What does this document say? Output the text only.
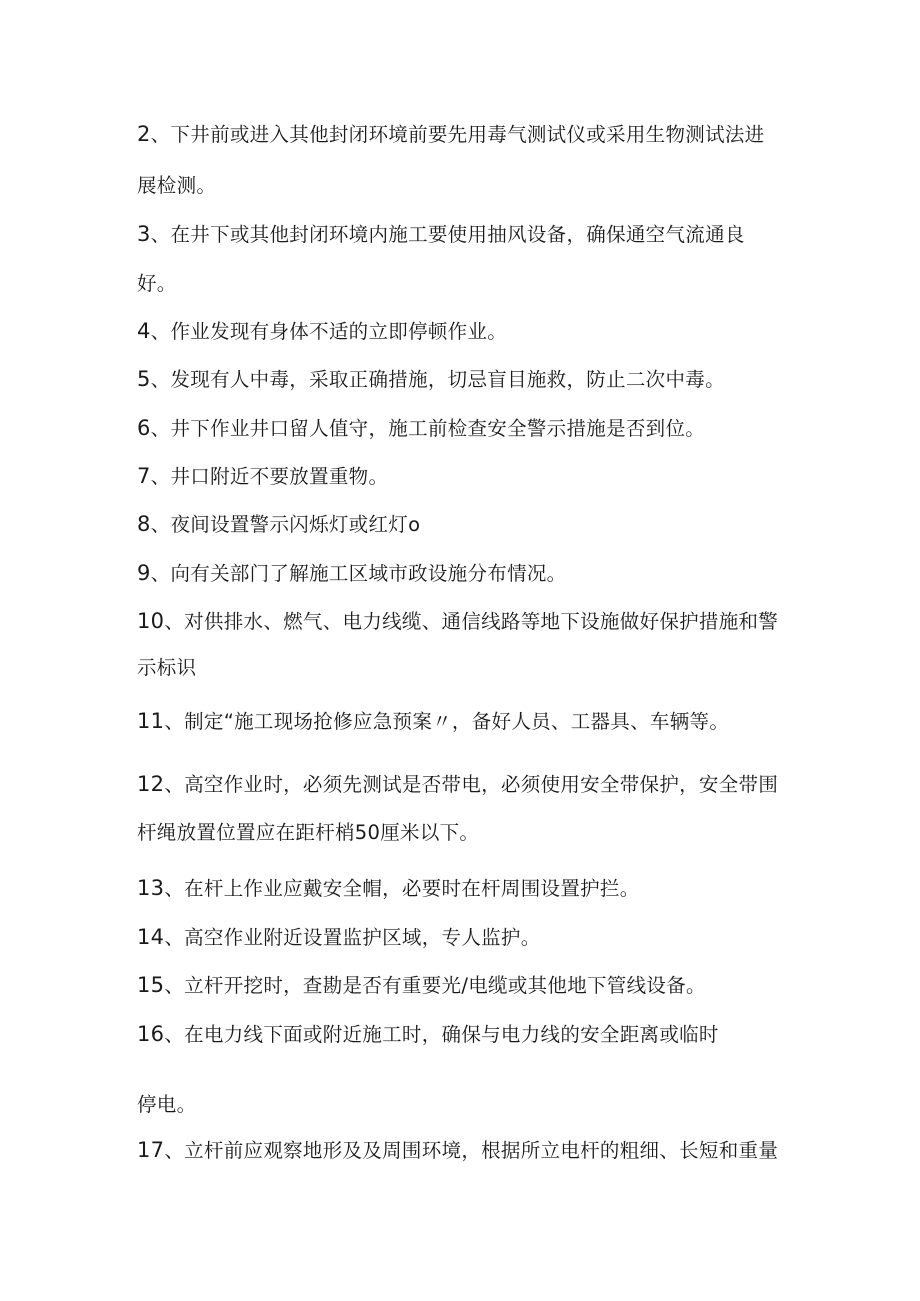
2、下井前或进入其他封闭环境前要先用毒气测试仪或采用生物测试法进
展检测。
3、在井下或其他封闭环境内施工要使用抽风设备，确保通空气流通良
好。
4、作业发现有身体不适的立即停顿作业。
5、发现有人中毒，采取正确措施，切忌盲目施救，防止二次中毒。
6、井下作业井口留人值守，施工前检查安全警示措施是否到位。
7、井口附近不要放置重物。
8、夜间设置警示闪烁灯或红灯o
9、向有关部门了解施工区域市政设施分布情况。
10、对供排水、燃气、电力线缆、通信线路等地下设施做好保护措施和警
示标识
11、制定“施工现场抢修应急预案〃，备好人员、工器具、车辆等。
12、高空作业时，必须先测试是否带电，必须使用安全带保护，安全带围
杆绳放置位置应在距杆梢50厘米以下。
13、在杆上作业应戴安全帽，必要时在杆周围设置护拦。
14、高空作业附近设置监护区域，专人监护。
15、立杆开挖时，查勘是否有重要光/电缆或其他地下管线设备。
16、在电力线下面或附近施工时，确保与电力线的安全距离或临时
停电。
17、立杆前应观察地形及及周围环境，根据所立电杆的粗细、长短和重量
